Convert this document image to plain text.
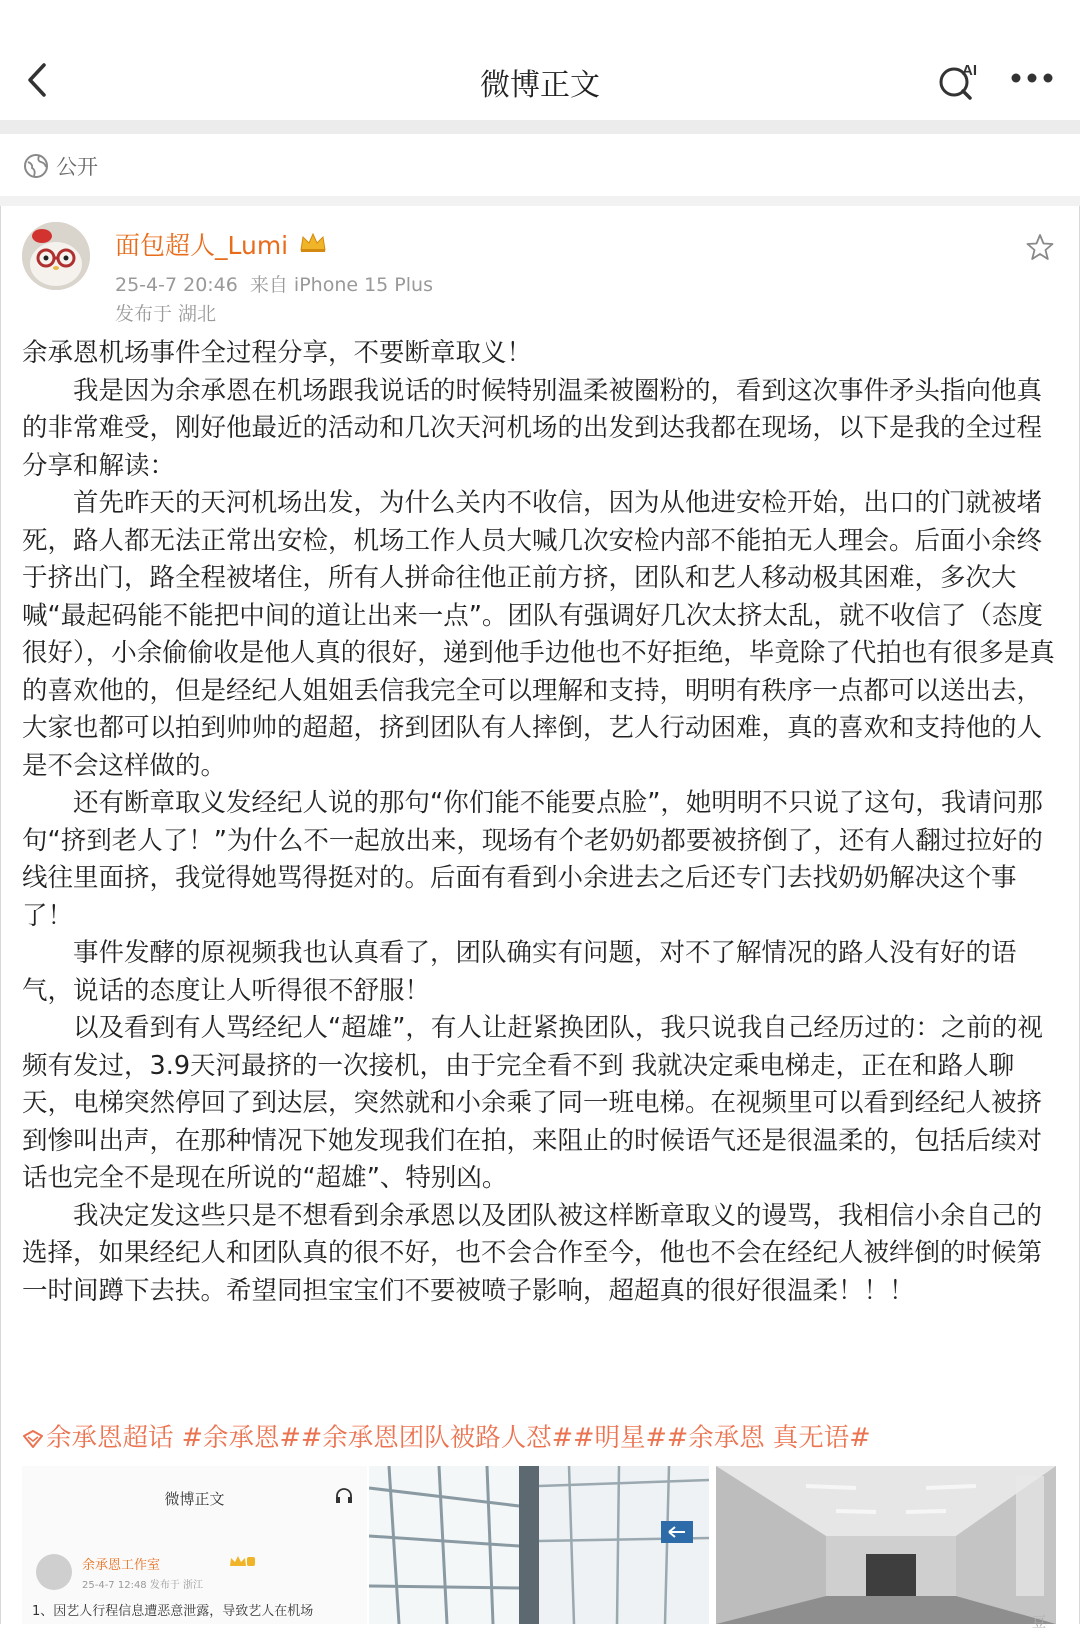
微博正文	AI
公开
面包超人_Lumi
25-4-7 20:46 来自 iPhone 15 Plus
发布于 湖北

余承恩机场事件全过程分享，不要断章取义！

我是因为余承恩在机场跟我说话的时候特别温柔被圈粉的，看到这次事件矛头指向他真的非常难受，刚好他最近的活动和几次天河机场的出发到达我都在现场，以下是我的全过程分享和解读：

首先昨天的天河机场出发，为什么关内不收信，因为从他进安检开始，出口的门就被堵死，路人都无法正常出安检，机场工作人员大喊几次安检内部不能拍无人理会。后面小余终于挤出门，路全程被堵住，所有人拼命往他正前方挤，团队和艺人移动极其困难，多次大喊“最起码能不能把中间的道让出来一点”。团队有强调好几次太挤太乱，就不收信了（态度很好），小余偷偷收是他人真的很好，递到他手边他也不好拒绝，毕竟除了代拍也有很多是真的喜欢他的，但是经纪人姐姐丢信我完全可以理解和支持，明明有秩序一点都可以送出去，大家也都可以拍到帅帅的超超，挤到团队有人摔倒，艺人行动困难，真的喜欢和支持他的人是不会这样做的。

还有断章取义发经纪人说的那句“你们能不能要点脸”，她明明不只说了这句，我请问那句“挤到老人了！”为什么不一起放出来，现场有个老奶奶都要被挤倒了，还有人翻过拉好的线往里面挤，我觉得她骂得挺对的。后面有看到小余进去之后还专门去找奶奶解决这个事了！

事件发酵的原视频我也认真看了，团队确实有问题，对不了解情况的路人没有好的语气，说话的态度让人听得很不舒服！

以及看到有人骂经纪人“超雄”，有人让赶紧换团队，我只说我自己经历过的：之前的视频有发过，3.9天河最挤的一次接机，由于完全看不到 我就决定乘电梯走，正在和路人聊天，电梯突然停回了到达层，突然就和小余乘了同一班电梯。在视频里可以看到经纪人被挤到惨叫出声，在那种情况下她发现我们在拍，来阻止的时候语气还是很温柔的，包括后续对话也完全不是现在所说的“超雄”、特别凶。

我决定发这些只是不想看到余承恩以及团队被这样断章取义的谩骂，我相信小余自己的选择，如果经纪人和团队真的很不好，也不会合作至今，他也不会在经纪人被绊倒的时候第一时间蹲下去扶。希望同担宝宝们不要被喷子影响，超超真的很好很温柔！！！

余承恩超话 #余承恩##余承恩团队被路人怼##明星##余承恩 真无语#
微博正文
余承恩工作室
25-4-7 12:48 发布于 浙江
1、因艺人行程信息遭恶意泄露，导致艺人在机场
豆
